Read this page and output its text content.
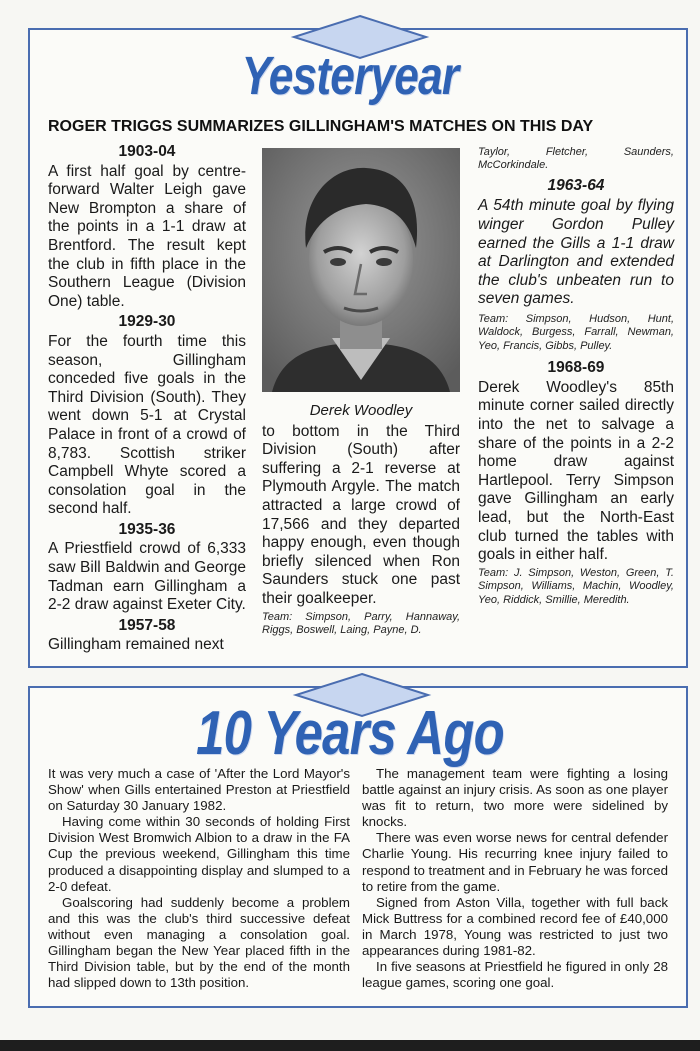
Yesteryear
ROGER TRIGGS SUMMARIZES GILLINGHAM'S MATCHES ON THIS DAY
1903-04

A first half goal by centre-forward Walter Leigh gave New Brompton a share of the points in a 1-1 draw at Brentford. The result kept the club in fifth place in the Southern League (Division One) table.

1929-30

For the fourth time this season, Gillingham conceded five goals in the Third Division (South). They went down 5-1 at Crystal Palace in front of a crowd of 8,783. Scottish striker Campbell Whyte scored a consolation goal in the second half.

1935-36

A Priestfield crowd of 6,333 saw Bill Baldwin and George Tadman earn Gillingham a 2-2 draw against Exeter City.

1957-58

Gillingham remained next

Derek Woodley

to bottom in the Third Division (South) after suffering a 2-1 reverse at Plymouth Argyle. The match attracted a large crowd of 17,566 and they departed happy enough, even though briefly silenced when Ron Saunders stuck one past their goalkeeper.

Team: Simpson, Parry, Hannaway, Riggs, Boswell, Laing, Payne, D.

Taylor, Fletcher, Saunders, McCorkindale.

1963-64

A 54th minute goal by flying winger Gordon Pulley earned the Gills a 1-1 draw at Darlington and extended the club's unbeaten run to seven games.

Team: Simpson, Hudson, Hunt, Waldock, Burgess, Farrall, Newman, Yeo, Francis, Gibbs, Pulley.

1968-69

Derek Woodley's 85th minute corner sailed directly into the net to salvage a share of the points in a 2-2 home draw against Hartlepool. Terry Simpson gave Gillingham an early lead, but the North-East club turned the tables with goals in either half.

Team: J. Simpson, Weston, Green, T. Simpson, Williams, Machin, Woodley, Yeo, Riddick, Smillie, Meredith.

10 Years Ago

It was very much a case of 'After the Lord Mayor's Show' when Gills entertained Preston at Priestfield on Saturday 30 January 1982.

Having come within 30 seconds of holding First Division West Bromwich Albion to a draw in the FA Cup the previous weekend, Gillingham this time produced a disappointing display and slumped to a 2-0 defeat.

Goalscoring had suddenly become a problem and this was the club's third successive defeat without even managing a consolation goal. Gillingham began the New Year placed fifth in the Third Division table, but by the end of the month had slipped down to 13th position.

The management team were fighting a losing battle against an injury crisis. As soon as one player was fit to return, two more were sidelined by knocks.

There was even worse news for central defender Charlie Young. His recurring knee injury failed to respond to treatment and in February he was forced to retire from the game.

Signed from Aston Villa, together with full back Mick Buttress for a combined record fee of £40,000 in March 1978, Young was restricted to just two appearances during 1981-82.

In five seasons at Priestfield he figured in only 28 league games, scoring one goal.
